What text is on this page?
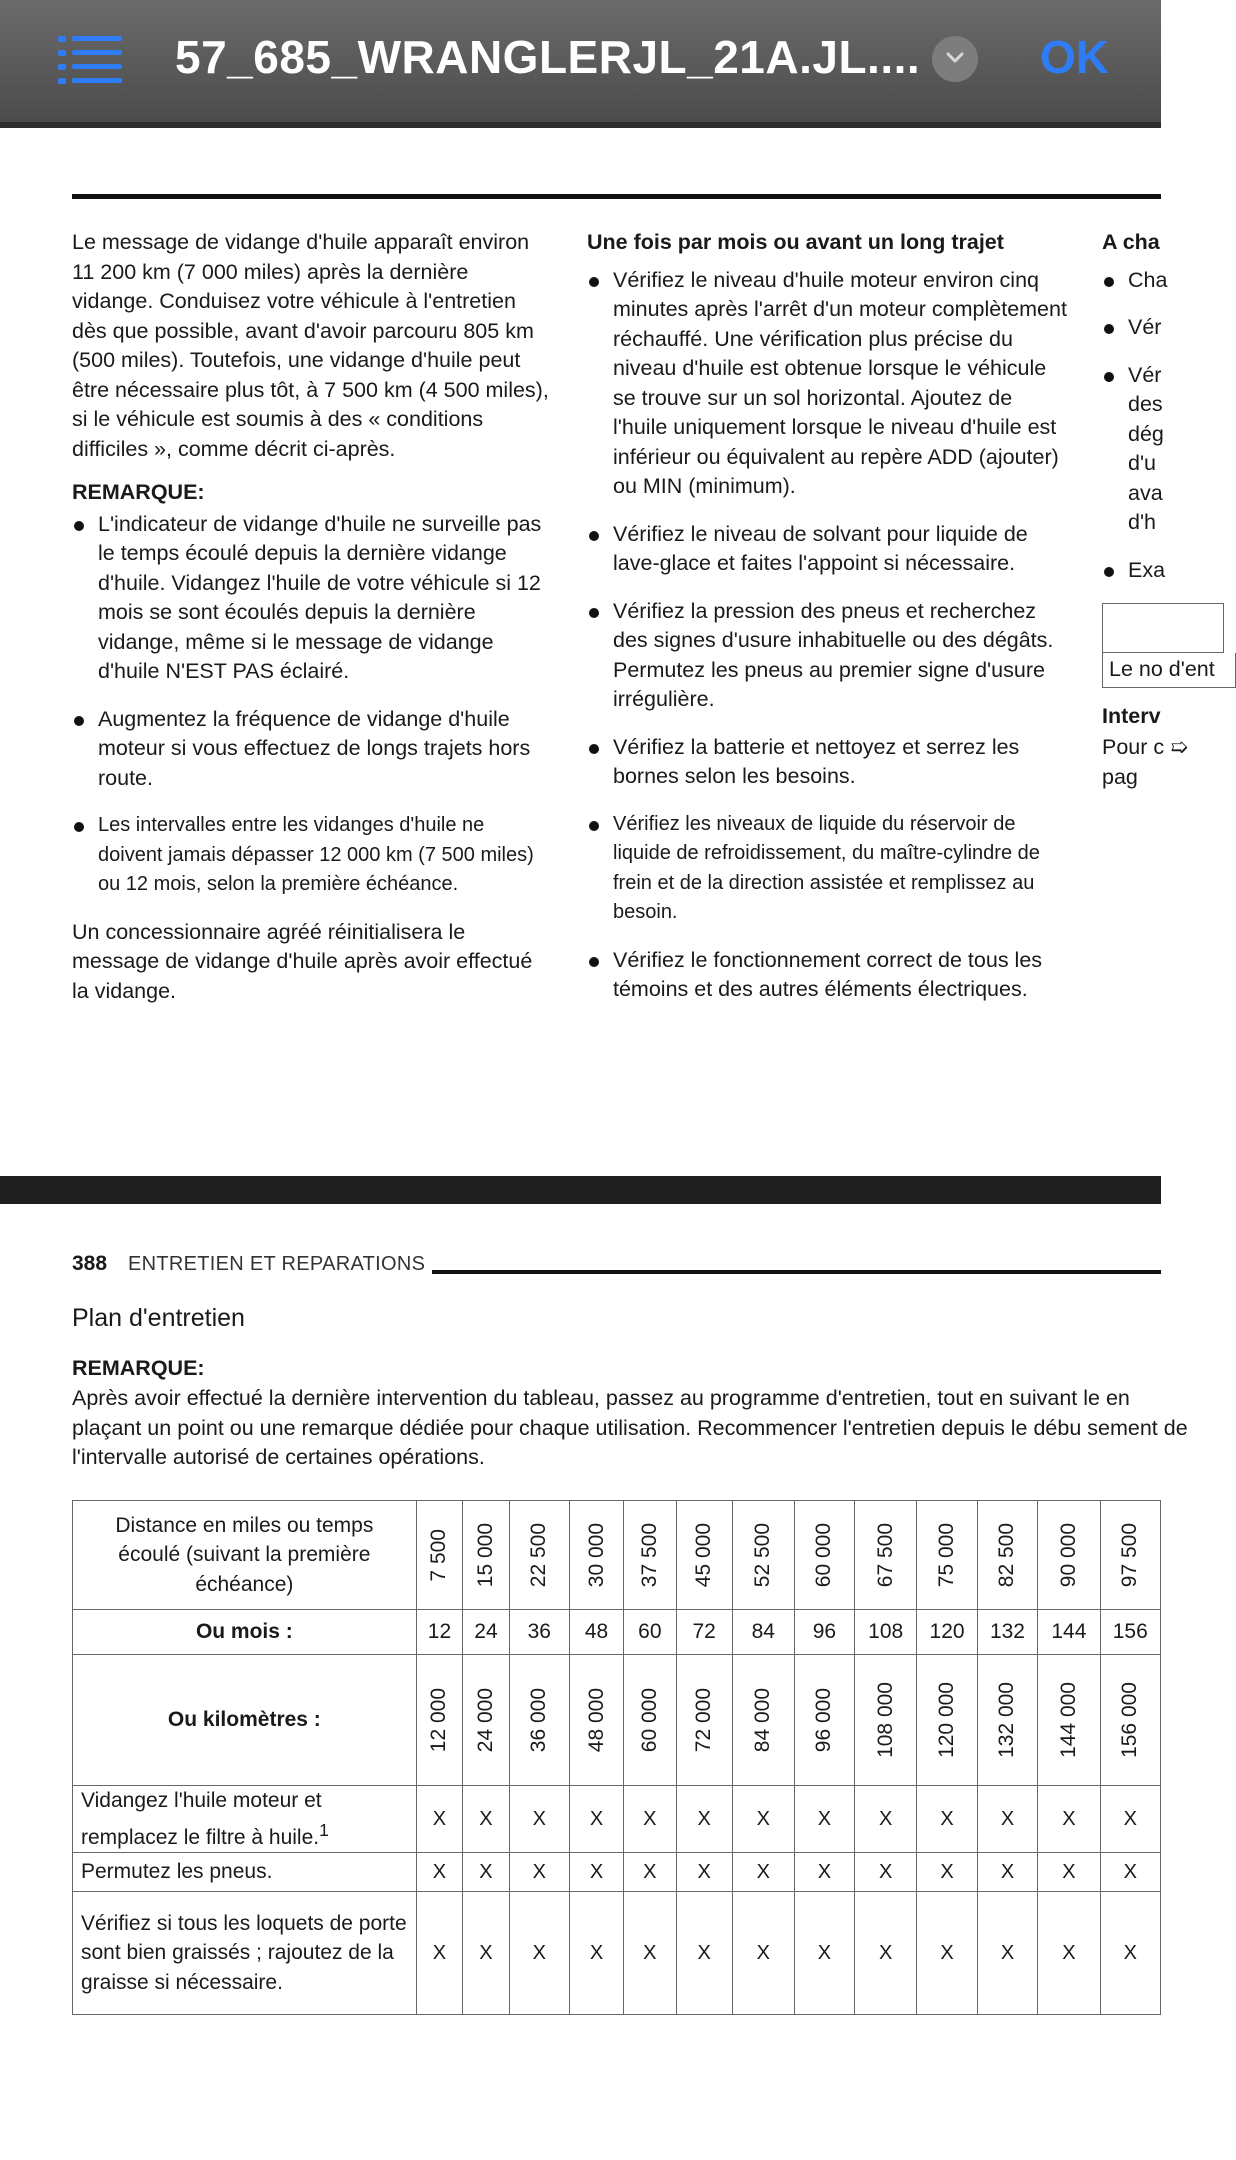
57_685_WRANGLERJL_21A.JL....	OK

Le message de vidange d'huile apparaît environ 11 200 km (7 000 miles) après la dernière vidange. Conduisez votre véhicule à l'entretien dès que possible, avant d'avoir parcouru 805 km (500 miles). Toutefois, une vidange d'huile peut être nécessaire plus tôt, à 7 500 km (4 500 miles), si le véhicule est soumis à des « conditions difficiles », comme décrit ci-après.

REMARQUE:

L'indicateur de vidange d'huile ne surveille pas le temps écoulé depuis la dernière vidange d'huile. Vidangez l'huile de votre véhicule si 12 mois se sont écoulés depuis la dernière vidange, même si le message de vidange d'huile N'EST PAS éclairé.
Augmentez la fréquence de vidange d'huile moteur si vous effectuez de longs trajets hors route.
Les intervalles entre les vidanges d'huile ne doivent jamais dépasser 12 000 km (7 500 miles) ou 12 mois, selon la première échéance.

Un concessionnaire agréé réinitialisera le message de vidange d'huile après avoir effectué la vidange.

Une fois par mois ou avant un long trajet

Vérifiez le niveau d'huile moteur environ cinq minutes après l'arrêt d'un moteur complètement réchauffé. Une vérification plus précise du niveau d'huile est obtenue lorsque le véhicule se trouve sur un sol horizontal. Ajoutez de l'huile uniquement lorsque le niveau d'huile est inférieur ou équivalent au repère ADD (ajouter) ou MIN (minimum).
Vérifiez le niveau de solvant pour liquide de lave-glace et faites l'appoint si nécessaire.
Vérifiez la pression des pneus et recherchez des signes d'usure inhabituelle ou des dégâts. Permutez les pneus au premier signe d'usure irrégulière.
Vérifiez la batterie et nettoyez et serrez les bornes selon les besoins.
Vérifiez les niveaux de liquide du réservoir de liquide de refroidissement, du maître-cylindre de frein et de la direction assistée et remplissez au besoin.
Vérifiez le fonctionnement correct de tous les témoins et des autres éléments électriques.

A cha

Cha
Vér
Vér des dég d'u ava d'h
Exa
Le no d'ent

Interv

Pour c ➯ pag

388 ENTRETIEN ET REPARATIONS
Plan d'entretien
REMARQUE:
Après avoir effectué la dernière intervention du tableau, passez au programme d'entretien, tout en suivant le en plaçant un point ou une remarque dédiée pour chaque utilisation. Recommencer l'entretien depuis le débu sement de l'intervalle autorisé de certaines opérations.
Distance en miles ou temps écoulé (suivant la première échéance)	7 500	15 000	22 500	30 000	37 500	45 000	52 500	60 000	67 500	75 000	82 500	90 000	97 500

Ou mois :	12	24	36	48	60	72	84	96	108	120	132	144	156
Ou kilomètres :	12 000	24 000	36 000	48 000	60 000	72 000	84 000	96 000	108 000	120 000	132 000	144 000	156 000

Vidangez l'huile moteur et remplacez le filtre à huile.$^1$	X	X	X	X	X	X	X	X	X	X	X	X	X
Permutez les pneus.	X	X	X	X	X	X	X	X	X	X	X	X	X
Vérifiez si tous les loquets de porte sont bien graissés ; rajoutez de la graisse si nécessaire.	X	X	X	X	X	X	X	X	X	X	X	X	X
